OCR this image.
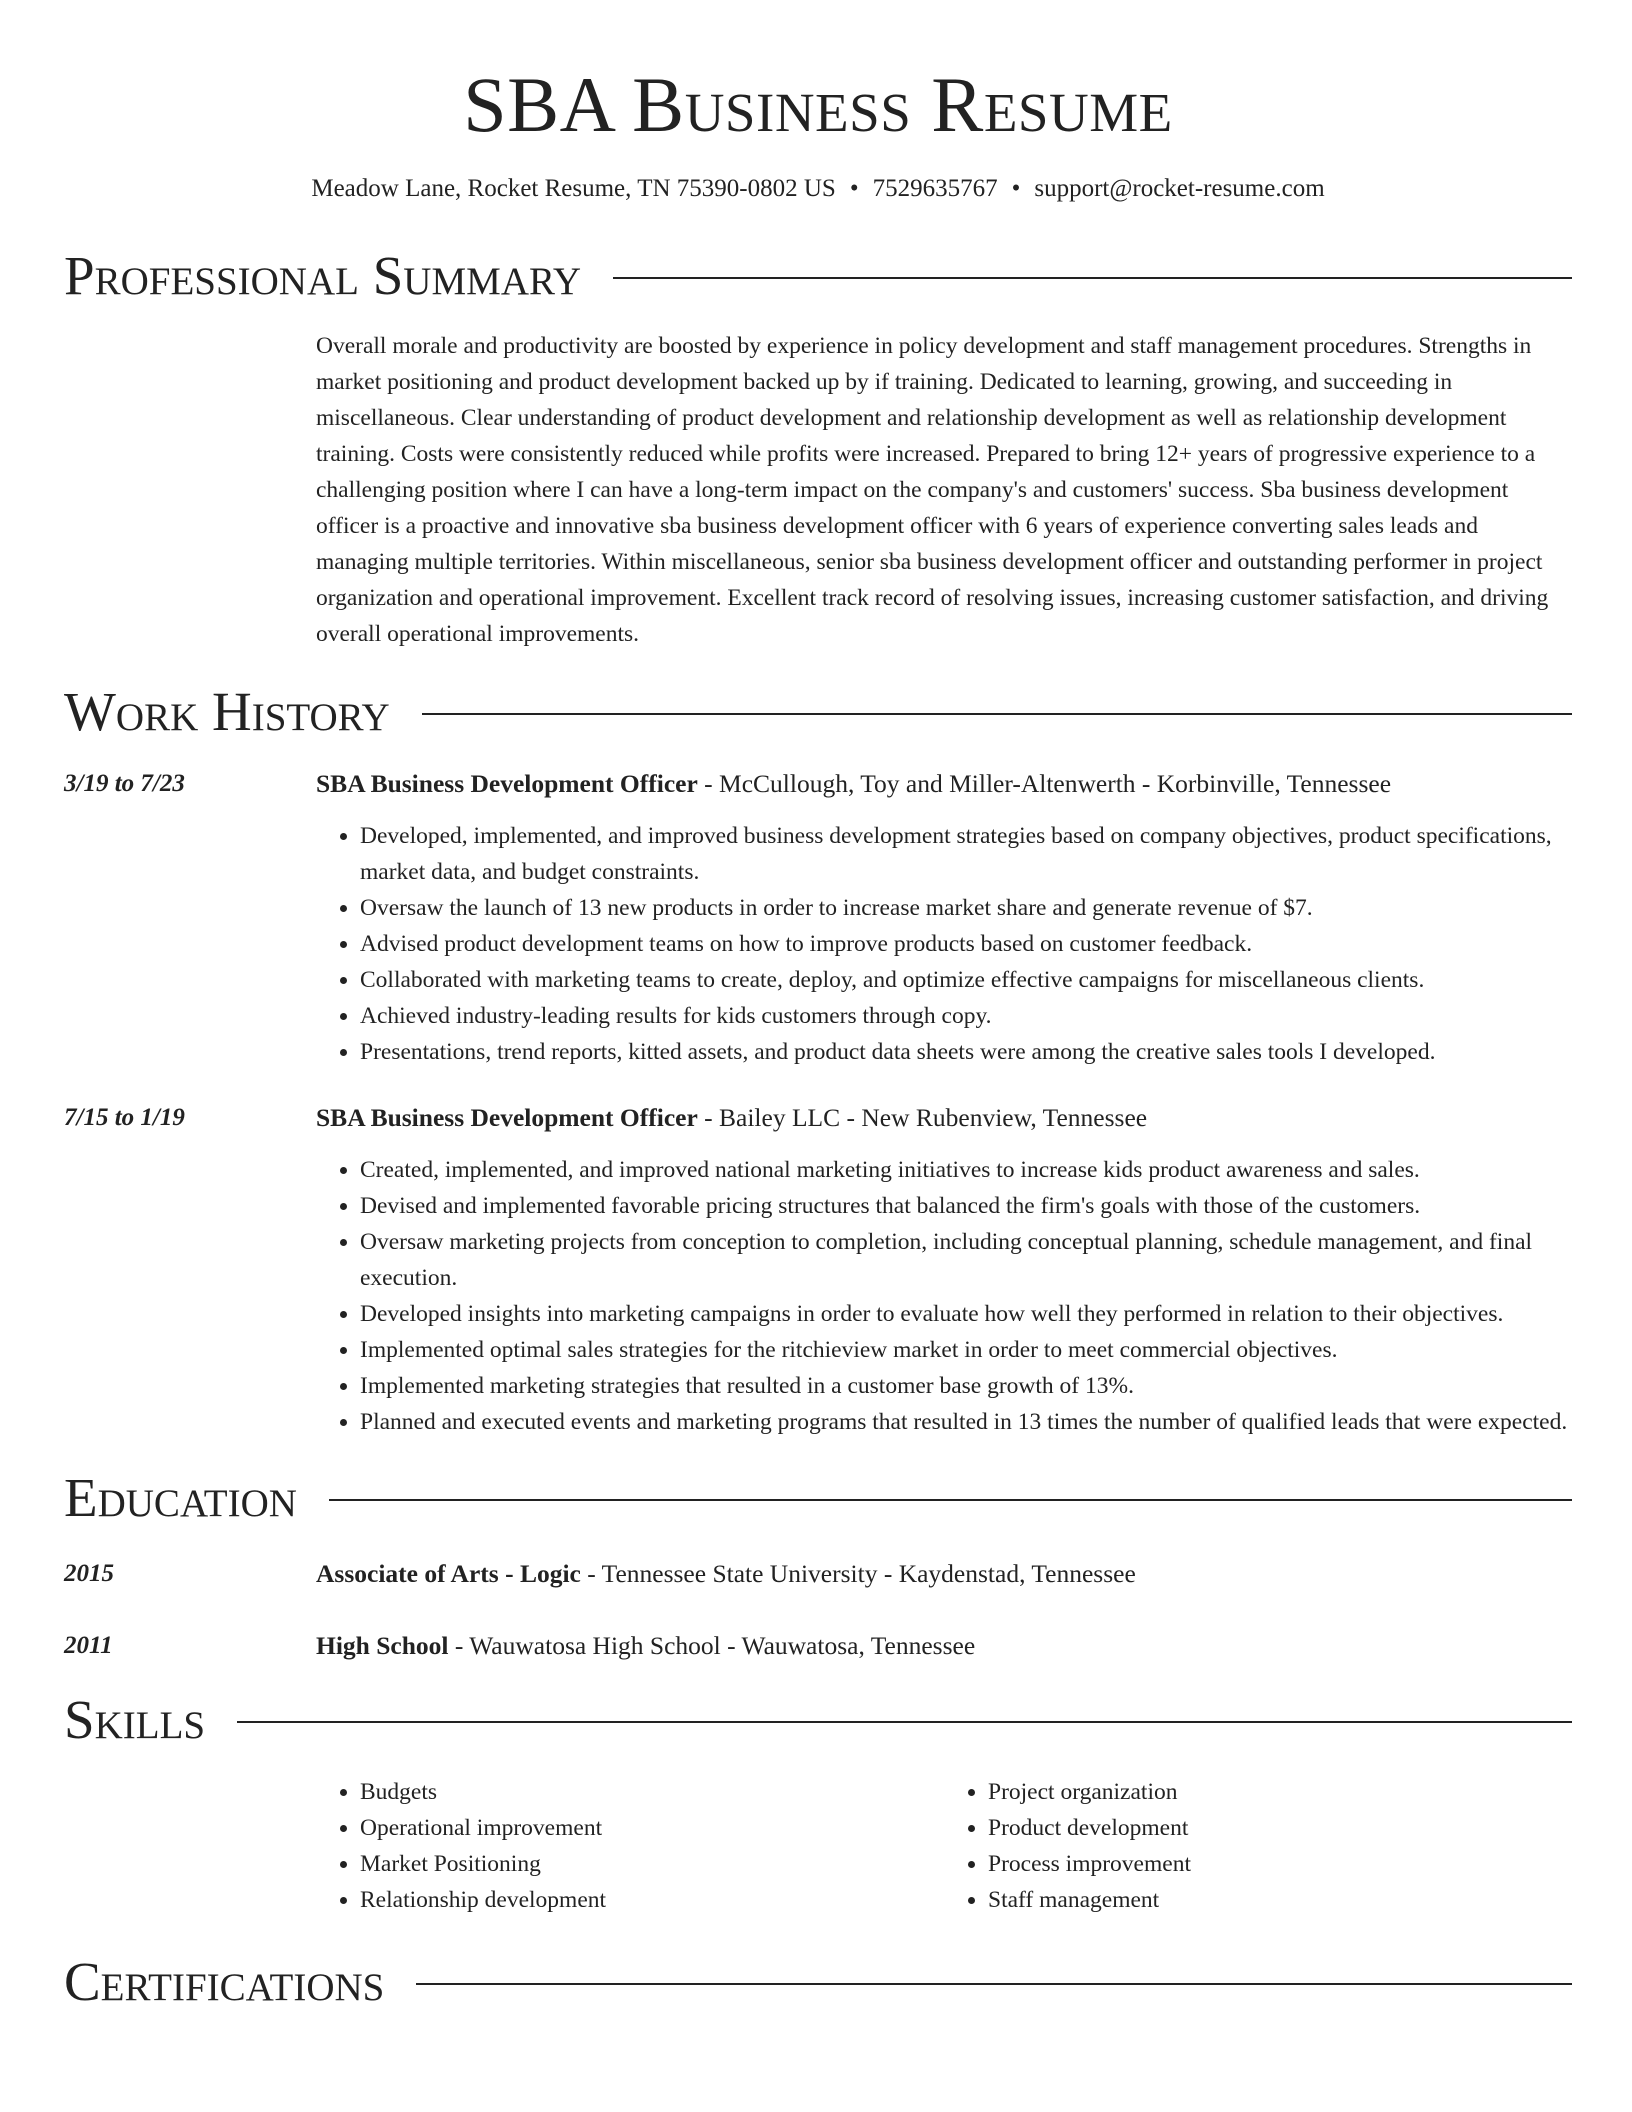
SBA Business Resume
Meadow Lane, Rocket Resume, TN 75390-0802 US • 7529635767 • support@rocket-resume.com
Professional Summary
Overall morale and productivity are boosted by experience in policy development and staff management procedures. Strengths in market positioning and product development backed up by if training. Dedicated to learning, growing, and succeeding in miscellaneous. Clear understanding of product development and relationship development as well as relationship development training. Costs were consistently reduced while profits were increased. Prepared to bring 12+ years of progressive experience to a challenging position where I can have a long-term impact on the company's and customers' success. Sba business development officer is a proactive and innovative sba business development officer with 6 years of experience converting sales leads and managing multiple territories. Within miscellaneous, senior sba business development officer and outstanding performer in project organization and operational improvement. Excellent track record of resolving issues, increasing customer satisfaction, and driving overall operational improvements.
Work History
3/19 to 7/23	SBA Business Development Officer - McCullough, Toy and Miller-Altenwerth - Korbinville, Tennessee
• Developed, implemented, and improved business development strategies based on company objectives, product specifications, market data, and budget constraints.
• Oversaw the launch of 13 new products in order to increase market share and generate revenue of $7.
• Advised product development teams on how to improve products based on customer feedback.
• Collaborated with marketing teams to create, deploy, and optimize effective campaigns for miscellaneous clients.
• Achieved industry-leading results for kids customers through copy.
• Presentations, trend reports, kitted assets, and product data sheets were among the creative sales tools I developed.
7/15 to 1/19	SBA Business Development Officer - Bailey LLC - New Rubenview, Tennessee
• Created, implemented, and improved national marketing initiatives to increase kids product awareness and sales.
• Devised and implemented favorable pricing structures that balanced the firm's goals with those of the customers.
• Oversaw marketing projects from conception to completion, including conceptual planning, schedule management, and final execution.
• Developed insights into marketing campaigns in order to evaluate how well they performed in relation to their objectives.
• Implemented optimal sales strategies for the ritchieview market in order to meet commercial objectives.
• Implemented marketing strategies that resulted in a customer base growth of 13%.
• Planned and executed events and marketing programs that resulted in 13 times the number of qualified leads that were expected.
Education
2015	Associate of Arts - Logic - Tennessee State University - Kaydenstad, Tennessee
2011	High School - Wauwatosa High School - Wauwatosa, Tennessee
Skills
• Budgets
• Operational improvement
• Market Positioning
• Relationship development
• Project organization
• Product development
• Process improvement
• Staff management
Certifications
